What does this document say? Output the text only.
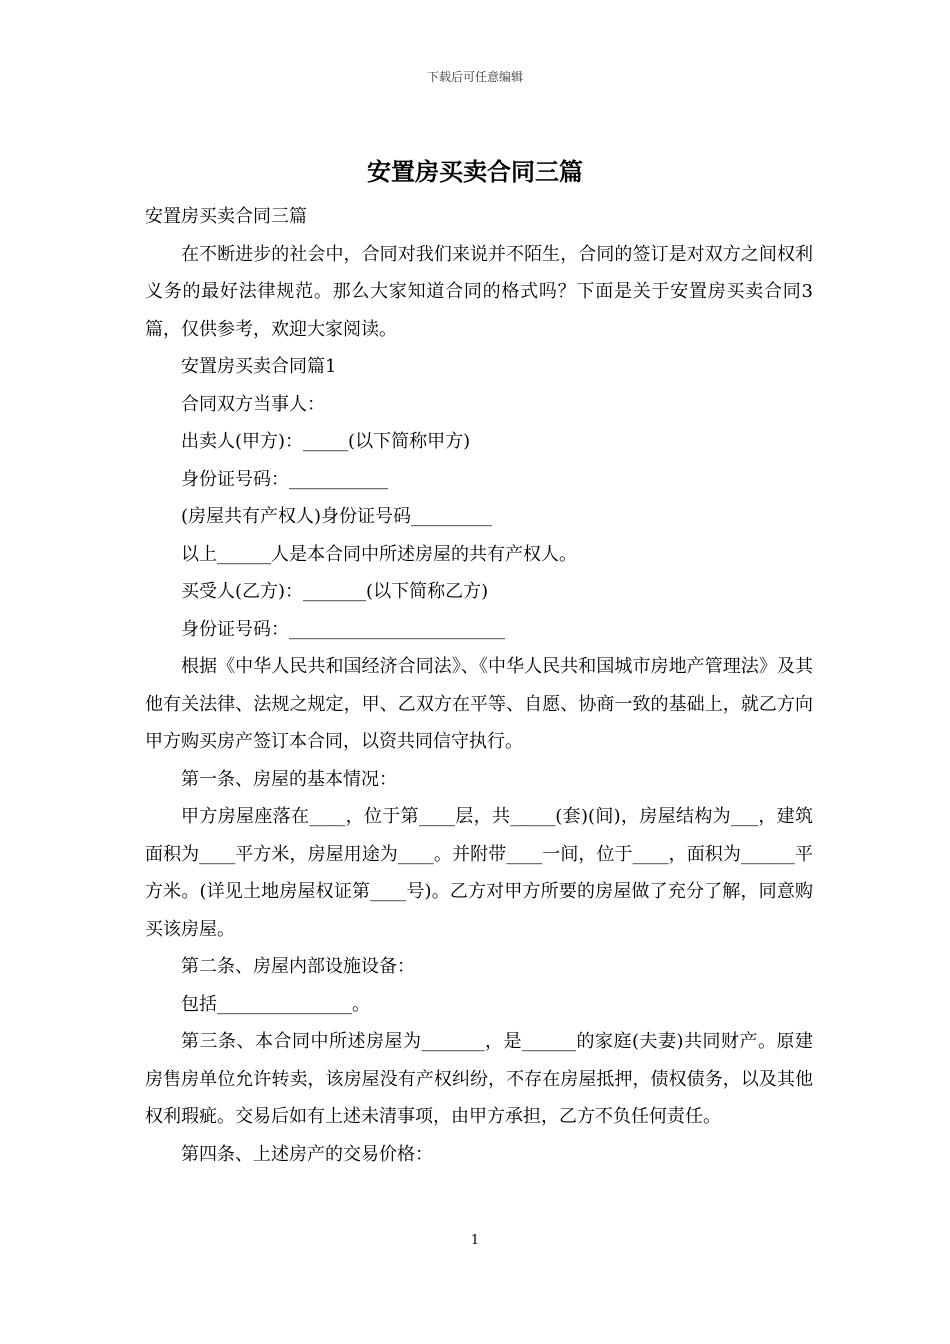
下载后可任意编辑
安置房买卖合同三篇

安置房买卖合同三篇

在不断进步的社会中，合同对我们来说并不陌生，合同的签订是对双方之间权利义务的最好法律规范。那么大家知道合同的格式吗？下面是关于安置房买卖合同3篇，仅供参考，欢迎大家阅读。

安置房买卖合同篇1

合同双方当事人：

出卖人(甲方)：_____(以下简称甲方)

身份证号码：___________

(房屋共有产权人)身份证号码_________

以上______人是本合同中所述房屋的共有产权人。

买受人(乙方)：_______(以下简称乙方)

身份证号码：________________________

根据《中华人民共和国经济合同法》、《中华人民共和国城市房地产管理法》及其他有关法律、法规之规定，甲、乙双方在平等、自愿、协商一致的基础上，就乙方向甲方购买房产签订本合同，以资共同信守执行。

第一条、房屋的基本情况：

甲方房屋座落在____，位于第____层，共_____(套)(间)，房屋结构为___，建筑面积为____平方米，房屋用途为____。并附带____一间，位于____，面积为______平方米。(详见土地房屋权证第____号)。乙方对甲方所要的房屋做了充分了解，同意购买该房屋。

第二条、房屋内部设施设备：

包括_______________。

第三条、本合同中所述房屋为_______，是______的家庭(夫妻)共同财产。原建房售房单位允许转卖，该房屋没有产权纠纷，不存在房屋抵押，债权债务，以及其他权利瑕疵。交易后如有上述未清事项，由甲方承担，乙方不负任何责任。

第四条、上述房产的交易价格：

1
